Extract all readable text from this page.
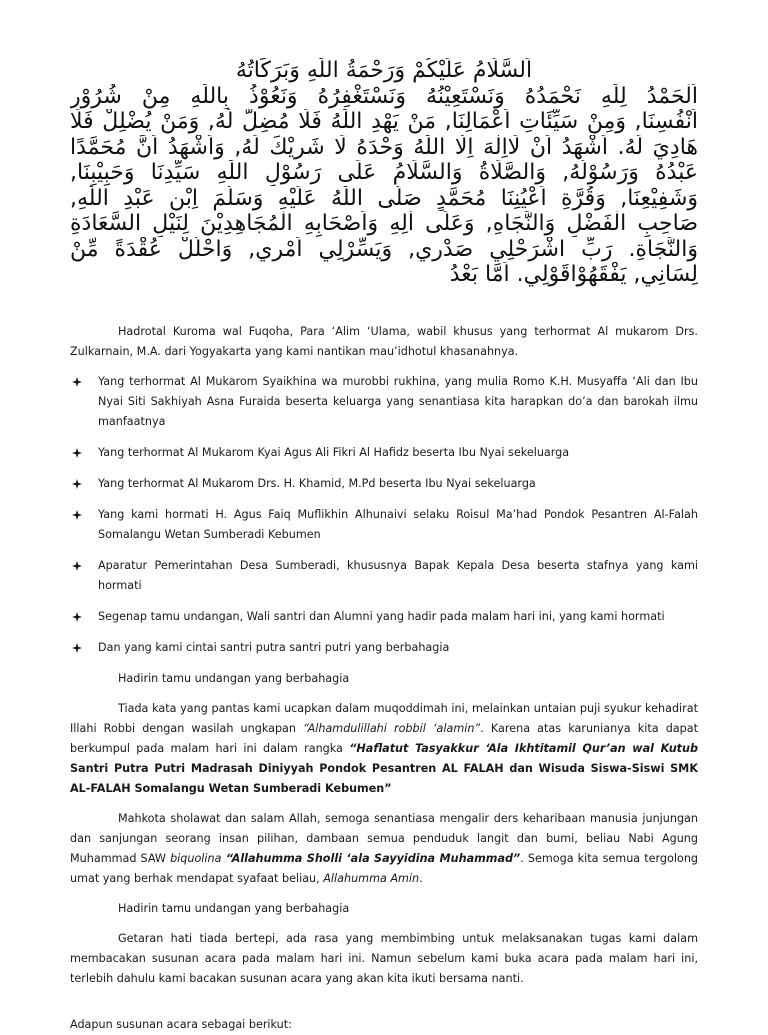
اَلسَّلَامُ عَلَيْكُمْ وَرَحْمَةُ اللّٰهِ وَبَرَكَاتُهُ
اَلْحَمْدُ لِلّٰهِ نَحْمَدُهُ وَنَسْتَعِيْنُهُ وَنَسْتَغْفِرُهُ وَنَعُوْذُ بِاللّٰهِ مِنْ شُرُوْرِ
اَنْفُسِنَا, وَمِنْ سَيِّئَاتِ اَعْمَالِنَا, مَنْ يَهْدِ اللّٰهُ فَلَا مُضِلَّ لَهُ, وَمَنْ يُضْلِلْ فَلَا
هَادِيَ لَهُ. اَشْهَدُ اَنْ لَااِلٰهَ اِلَّا اللّٰهُ وَحْدَهُ لَا شَرِيْكَ لَهُ, وَاَشْهَدُ اَنَّ مُحَمَّدًا
عَبْدُهُ وَرَسُوْلُهُ, وَالصَّلَاةُ وَالسَّلَامُ عَلَى رَسُوْلِ اللّٰهِ سَيِّدِنَا وَحَبِيْبِنَا,
وَشَفِيْعِنَا, وَقُرَّةِ اَعْيُنِنَا مُحَمَّدٍ صَلَّى اللّٰهُ عَلَيْهِ وَسَلَّمَ اِبْنِ عَبْدِ اللّٰهِ,
صَاحِبِ الْفَضْلِ وَالنَّجَاهِ, وَعَلَى اٰلِهِ وَاَصْحَابِهِ الْمُجَاهِدِيْنَ لِنَيْلِ السَّعَادَةِ
وَالنَّجَاةِ. رَبِّ اشْرَحْلِي صَدْرِي, وَيَسِّرْلِي اَمْرِي, وَاحْلُلْ عُقْدَةً مِّنْ
لِسَانِي, يَفْقَهُوْاقَوْلِي. اَمَّا بَعْدُ

Hadrotal Kuroma wal Fuqoha, Para ‘Alim ‘Ulama, wabil khusus yang terhormat Al mukarom Drs. Zulkarnain, M.A. dari Yogyakarta yang kami nantikan mau’idhotul khasanahnya.

Yang terhormat Al Mukarom Syaikhina wa murobbi rukhina, yang mulia Romo K.H. Musyaffa ‘Ali dan Ibu Nyai Siti Sakhiyah Asna Furaida beserta keluarga yang senantiasa kita harapkan do’a dan barokah ilmu manfaatnya
Yang terhormat Al Mukarom Kyai Agus Ali Fikri Al Hafidz beserta Ibu Nyai sekeluarga
Yang terhormat Al Mukarom Drs. H. Khamid, M.Pd beserta Ibu Nyai sekeluarga
Yang kami hormati H. Agus Faiq Muflikhin Alhunaivi selaku Roisul Ma’had Pondok Pesantren Al-Falah Somalangu Wetan Sumberadi Kebumen
Aparatur Pemerintahan Desa Sumberadi, khususnya Bapak Kepala Desa beserta stafnya yang kami hormati
Segenap tamu undangan, Wali santri dan Alumni yang hadir pada malam hari ini, yang kami hormati
Dan yang kami cintai santri putra santri putri yang berbahagia

Hadirin tamu undangan yang berbahagia

Tiada kata yang pantas kami ucapkan dalam muqoddimah ini, melainkan untaian puji syukur kehadirat Illahi Robbi dengan wasilah ungkapan “Alhamdulillahi robbil ‘alamin”. Karena atas karunianya kita dapat berkumpul pada malam hari ini dalam rangka “Haflatut Tasyakkur ‘Ala Ikhtitamil Qur’an wal Kutub Santri Putra Putri Madrasah Diniyyah Pondok Pesantren AL FALAH dan Wisuda Siswa-Siswi SMK AL-FALAH Somalangu Wetan Sumberadi Kebumen”

Mahkota sholawat dan salam Allah, semoga senantiasa mengalir ders keharibaan manusia junjungan dan sanjungan seorang insan pilihan, dambaan semua penduduk langit dan bumi, beliau Nabi Agung Muhammad SAW biquolina “Allahumma Sholli ‘ala Sayyidina Muhammad”. Semoga kita semua tergolong umat yang berhak mendapat syafaat beliau, Allahumma Amin.

Hadirin tamu undangan yang berbahagia

Getaran hati tiada bertepi, ada rasa yang membimbing untuk melaksanakan tugas kami dalam membacakan susunan acara pada malam hari ini. Namun sebelum kami buka acara pada malam hari ini, terlebih dahulu kami bacakan susunan acara yang akan kita ikuti bersama nanti.

Adapun susunan acara sebagai berikut:
